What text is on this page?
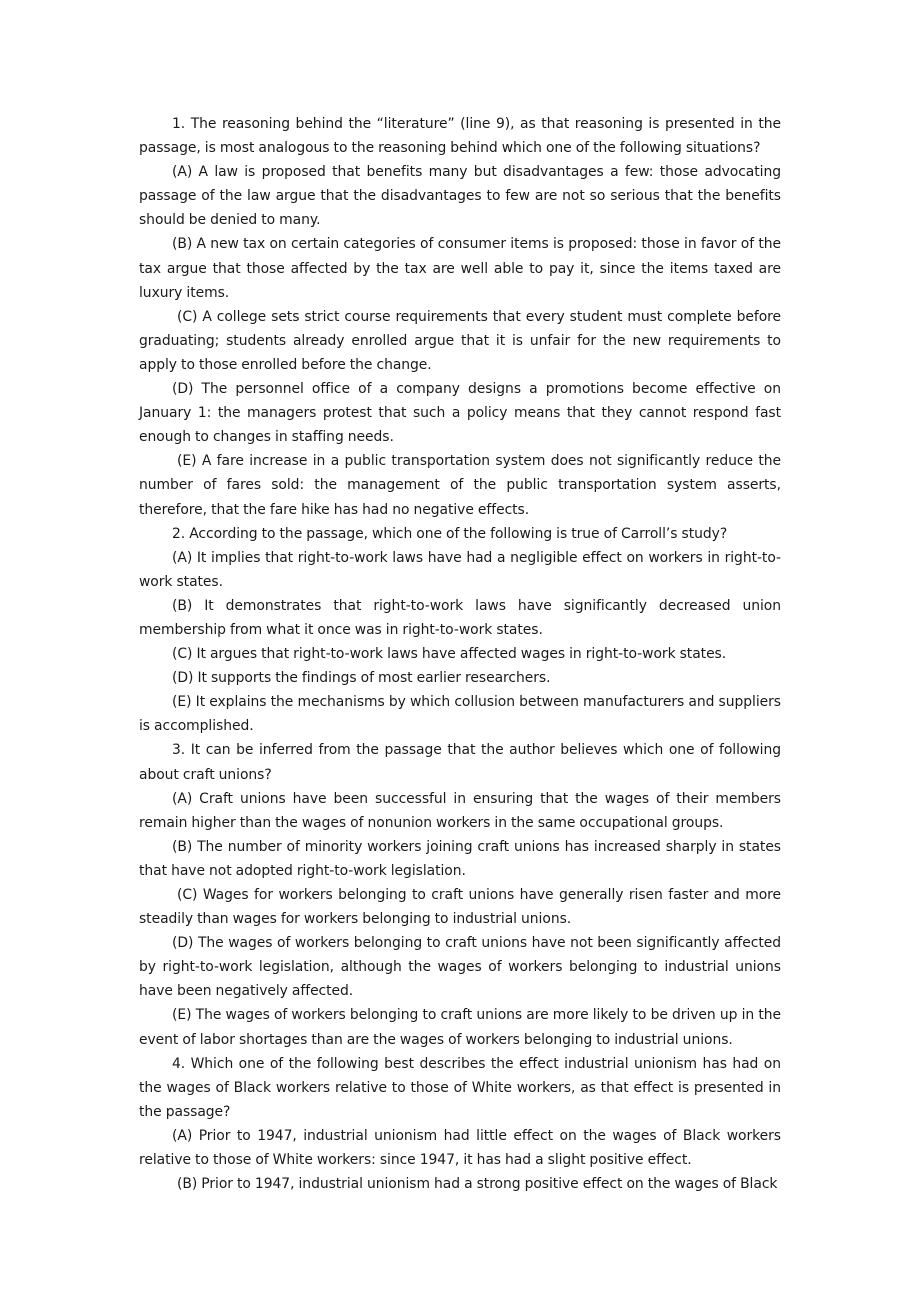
1. The reasoning behind the “literature” (line 9), as that reasoning is presented in the passage, is most analogous to the reasoning behind which one of the following situations?

(A) A law is proposed that benefits many but disadvantages a few: those advocating passage of the law argue that the disadvantages to few are not so serious that the benefits should be denied to many.

(B) A new tax on certain categories of consumer items is proposed: those in favor of the tax argue that those affected by the tax are well able to pay it, since the items taxed are luxury items.

(C) A college sets strict course requirements that every student must complete before graduating; students already enrolled argue that it is unfair for the new requirements to apply to those enrolled before the change.

(D) The personnel office of a company designs a promotions become effective on January 1: the managers protest that such a policy means that they cannot respond fast enough to changes in staffing needs.

(E) A fare increase in a public transportation system does not significantly reduce the number of fares sold: the management of the public transportation system asserts, therefore, that the fare hike has had no negative effects.

2. According to the passage, which one of the following is true of Carroll’s study?

(A) It implies that right-to-work laws have had a negligible effect on workers in right-to-work states.

(B) It demonstrates that right-to-work laws have significantly decreased union membership from what it once was in right-to-work states.

(C) It argues that right-to-work laws have affected wages in right-to-work states.

(D) It supports the findings of most earlier researchers.

(E) It explains the mechanisms by which collusion between manufacturers and suppliers is accomplished.

3. It can be inferred from the passage that the author believes which one of following about craft unions?

(A) Craft unions have been successful in ensuring that the wages of their members remain higher than the wages of nonunion workers in the same occupational groups.

(B) The number of minority workers joining craft unions has increased sharply in states that have not adopted right-to-work legislation.

(C) Wages for workers belonging to craft unions have generally risen faster and more steadily than wages for workers belonging to industrial unions.

(D) The wages of workers belonging to craft unions have not been significantly affected by right-to-work legislation, although the wages of workers belonging to industrial unions have been negatively affected.

(E) The wages of workers belonging to craft unions are more likely to be driven up in the event of labor shortages than are the wages of workers belonging to industrial unions.

4. Which one of the following best describes the effect industrial unionism has had on the wages of Black workers relative to those of White workers, as that effect is presented in the passage?

(A) Prior to 1947, industrial unionism had little effect on the wages of Black workers relative to those of White workers: since 1947, it has had a slight positive effect.

(B) Prior to 1947, industrial unionism had a strong positive effect on the wages of Black
